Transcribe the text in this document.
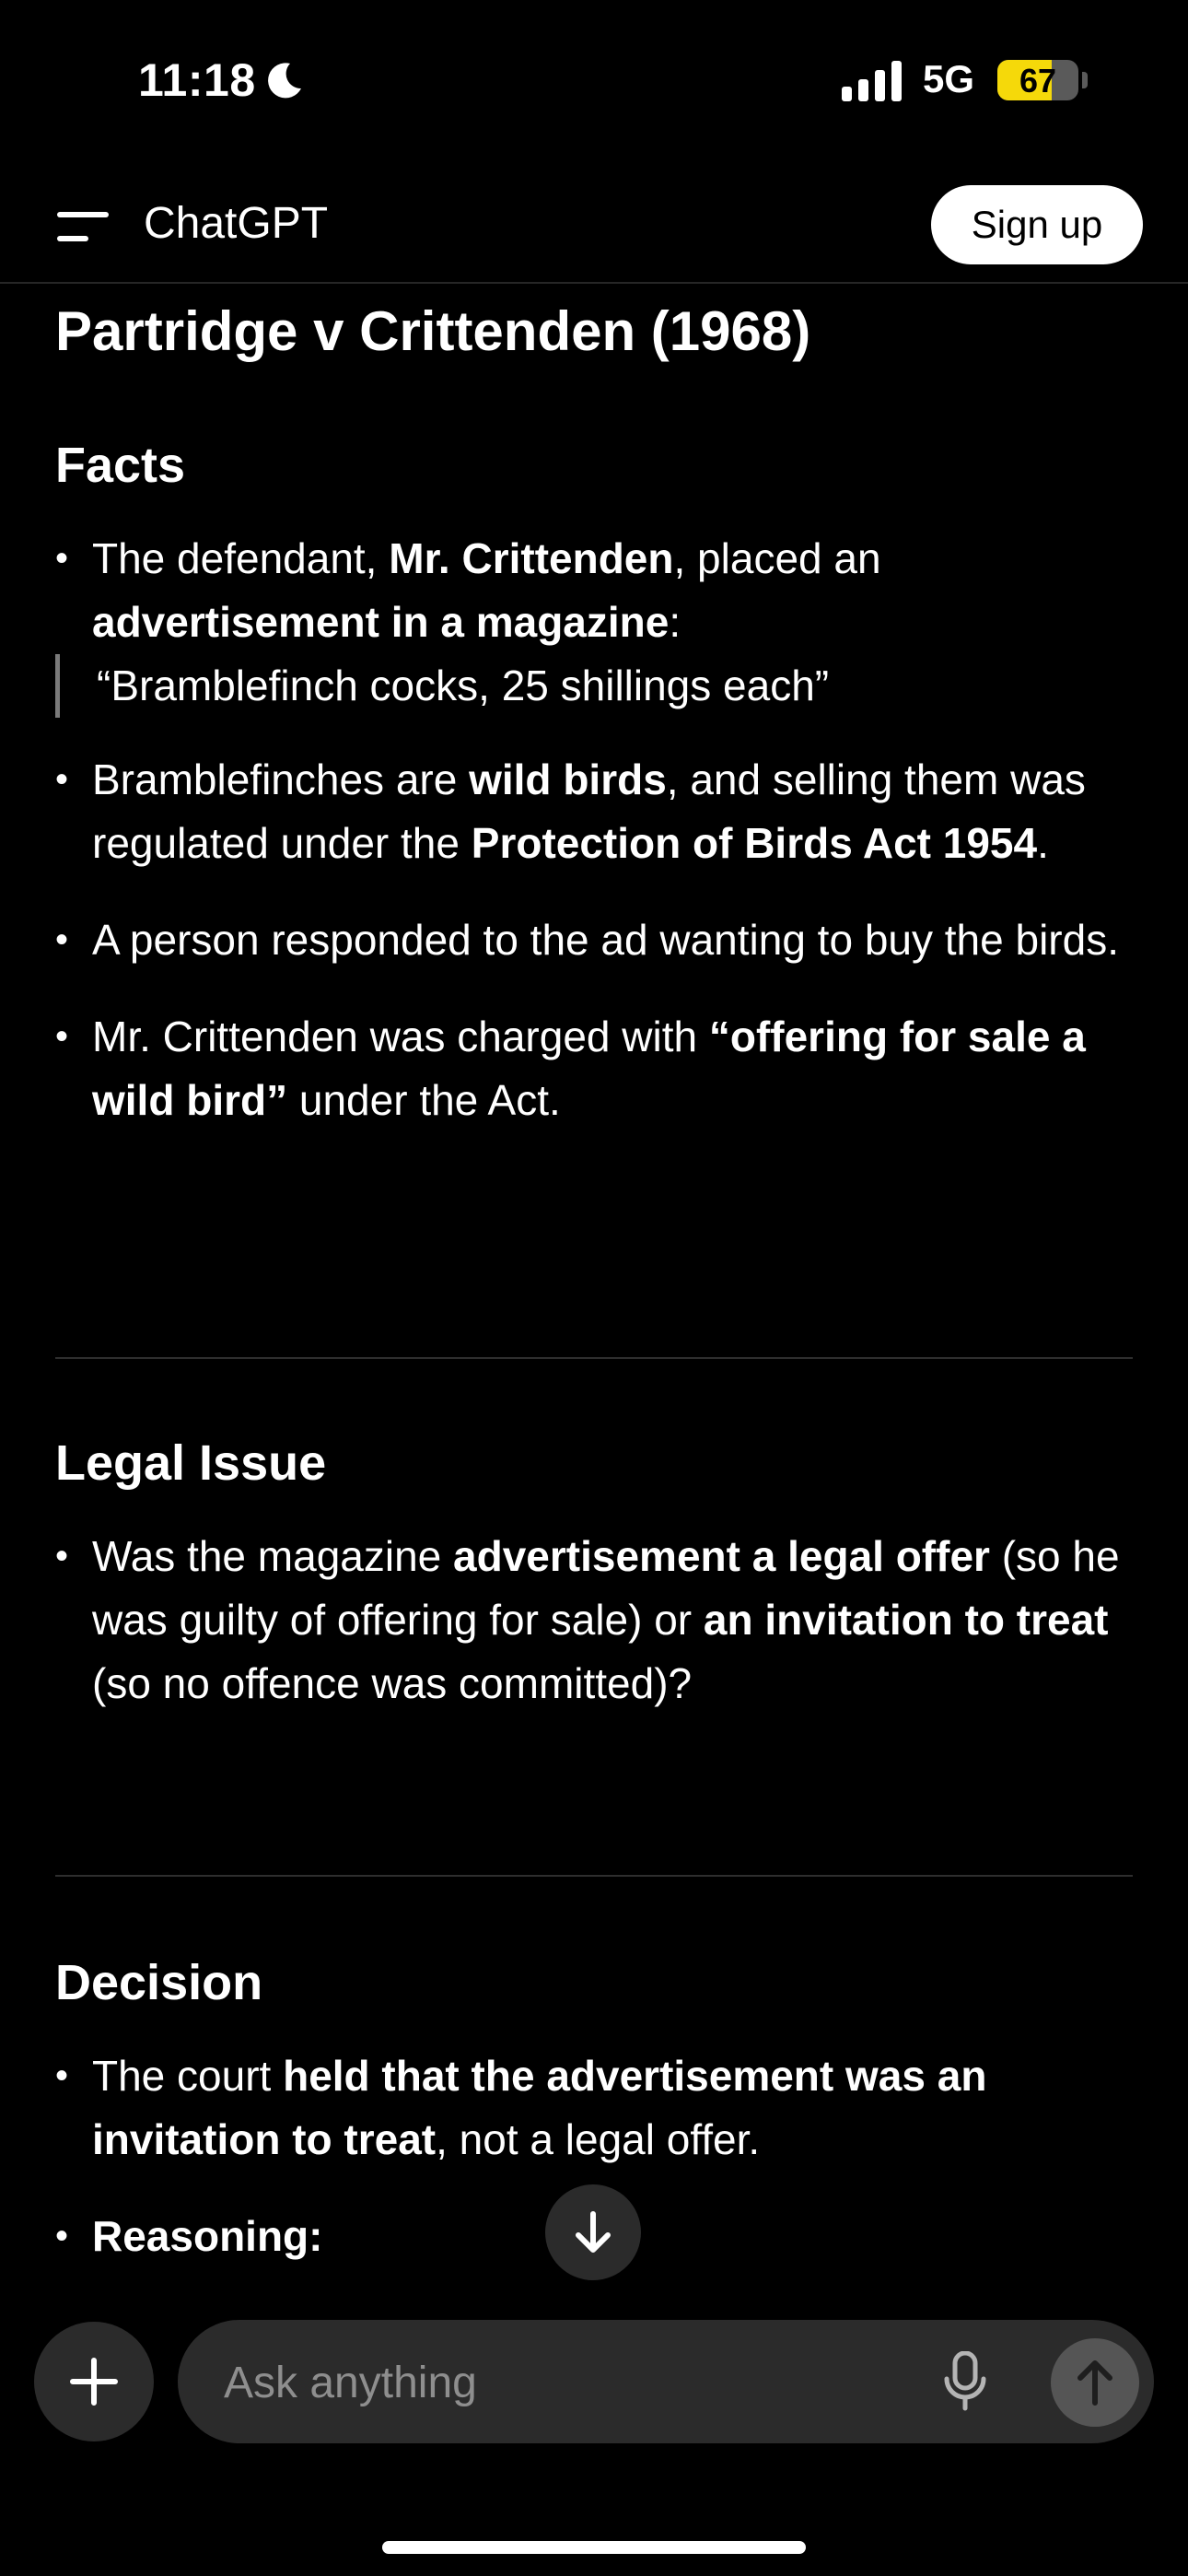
11:18	5G	67
ChatGPT	Sign up
Partridge v Crittenden (1968)
Facts
• The defendant, Mr. Crittenden, placed an advertisement in a magazine:
“Bramblefinch cocks, 25 shillings each”
• Bramblefinches are wild birds, and selling them was regulated under the Protection of Birds Act 1954.
• A person responded to the ad wanting to buy the birds.
• Mr. Crittenden was charged with “offering for sale a wild bird” under the Act.
Legal Issue
• Was the magazine advertisement a legal offer (so he was guilty of offering for sale) or an invitation to treat (so no offence was committed)?
Decision
• The court held that the advertisement was an invitation to treat, not a legal offer.
• Reasoning:
Ask anything
